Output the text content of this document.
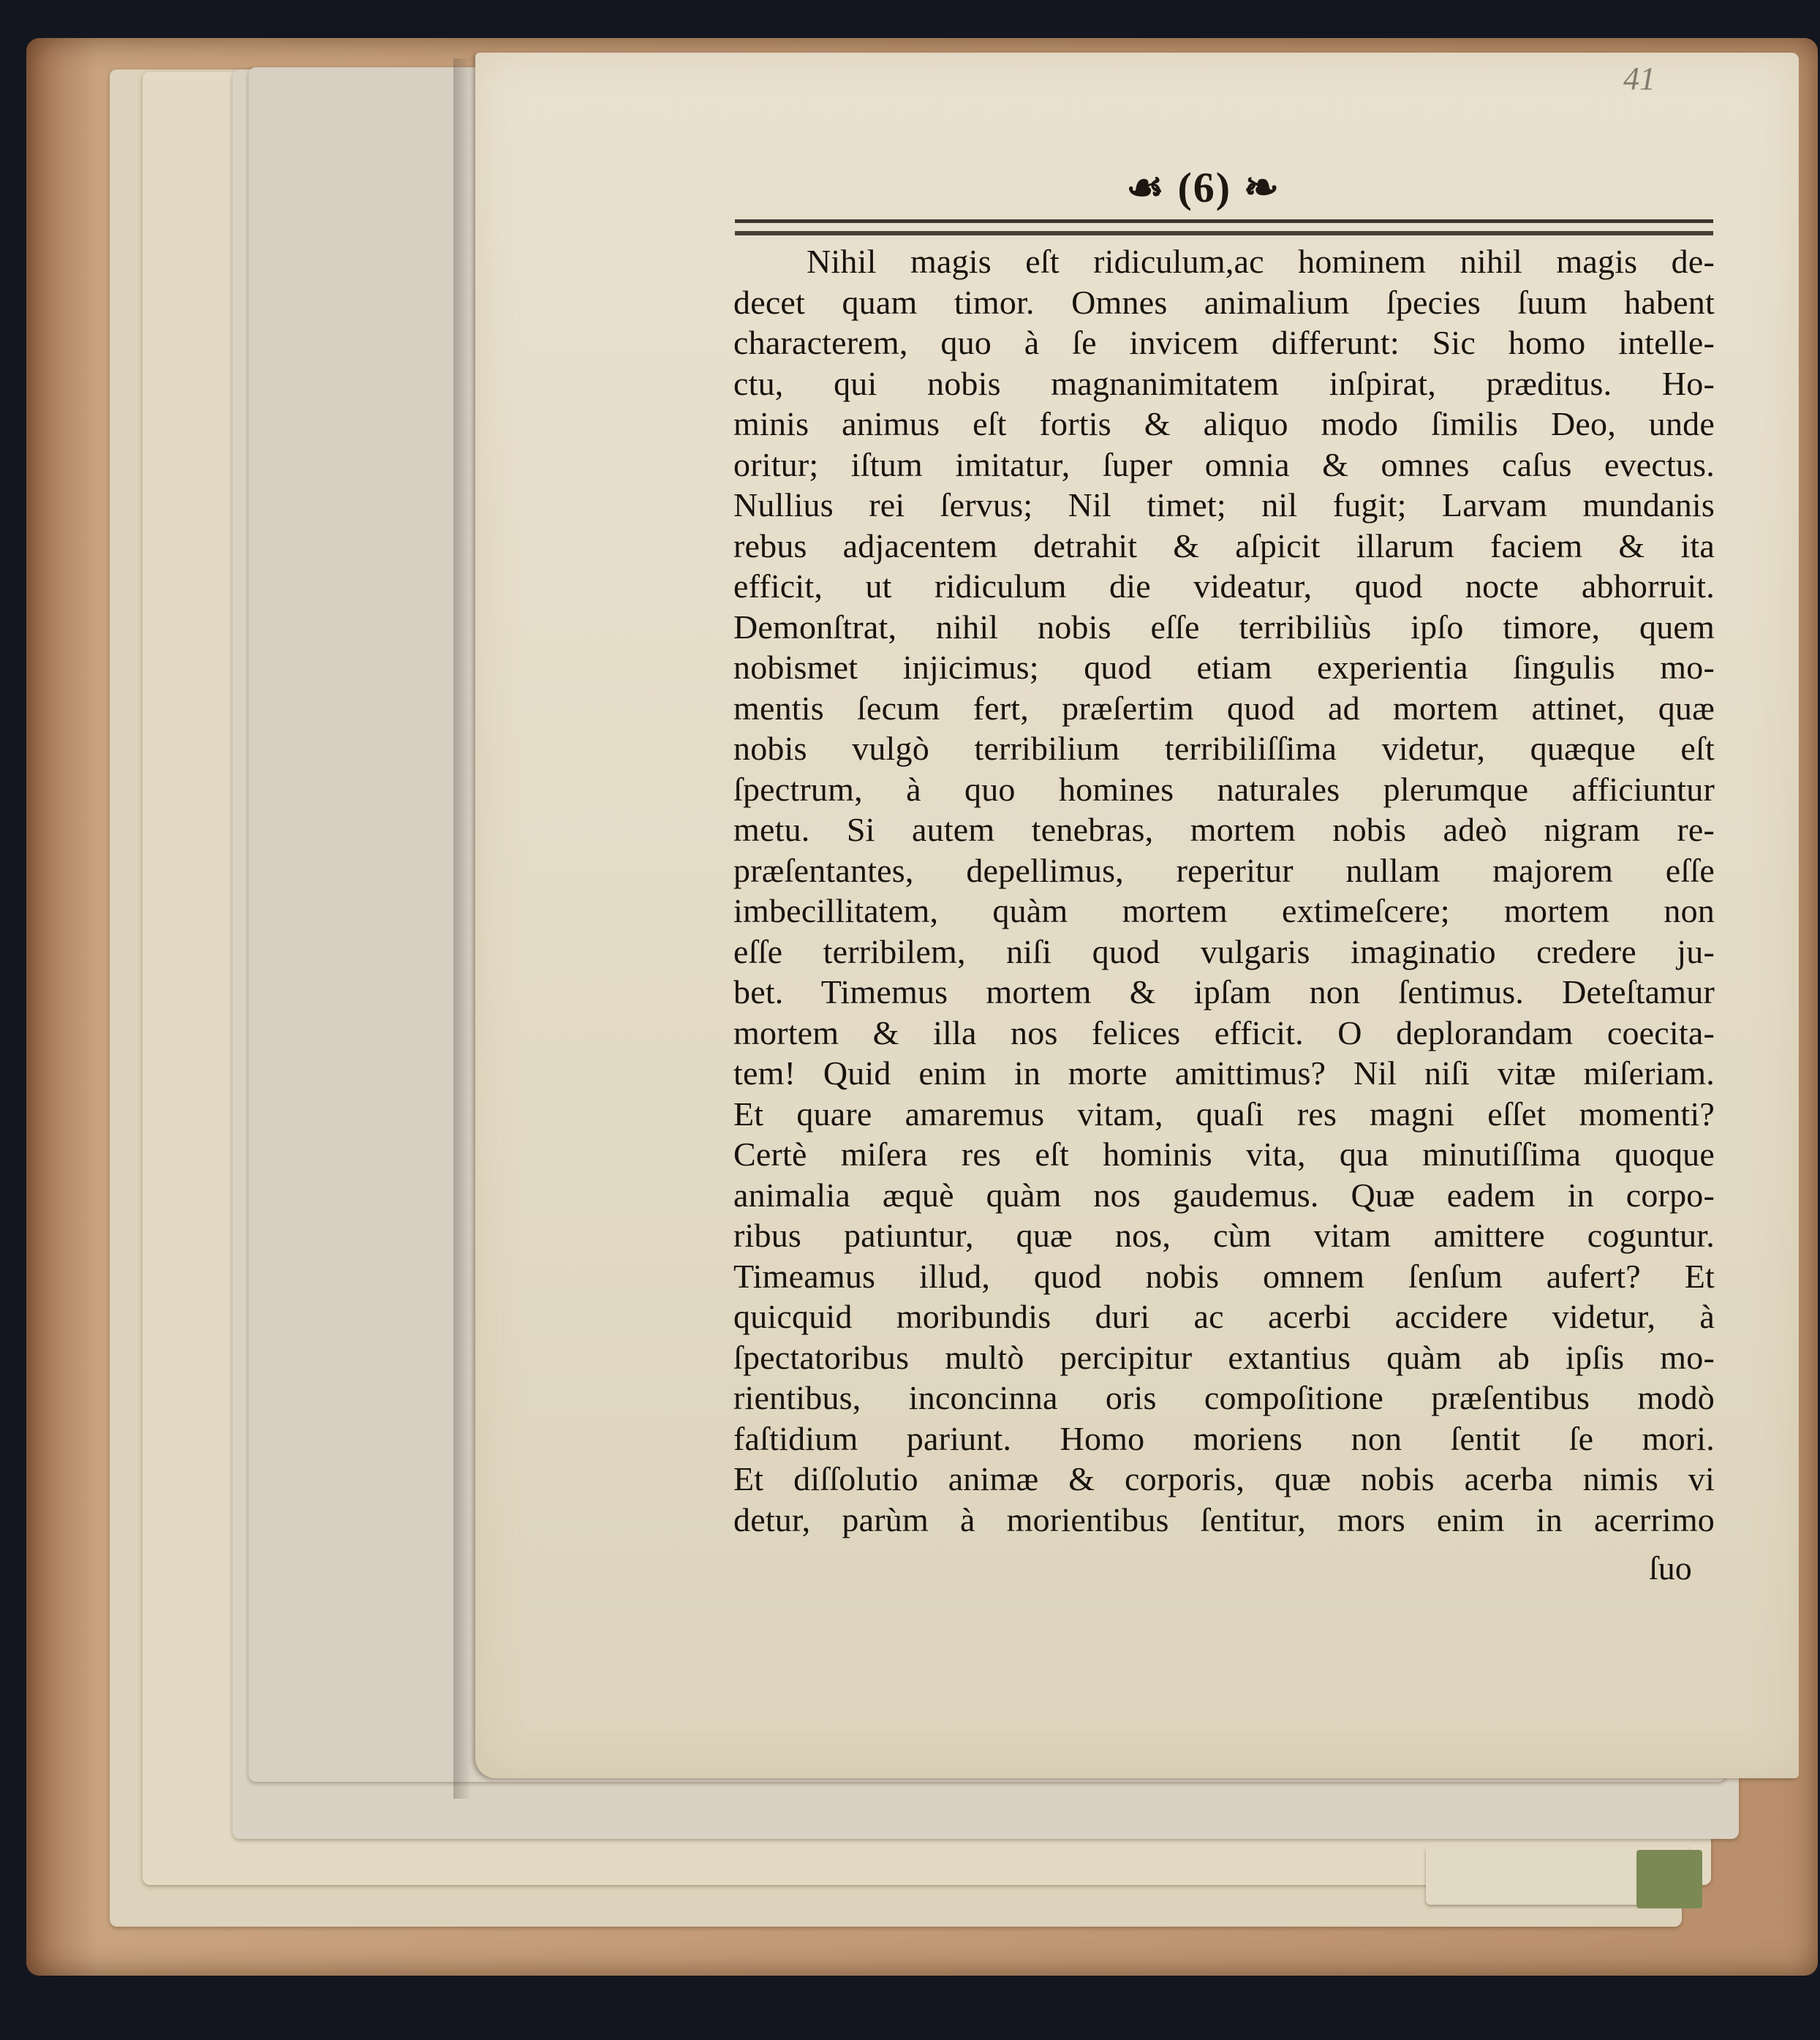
41
☙ (6) ❧
Nihil magis eſt ridiculum,ac hominem nihil magis de-
decet quam timor. Omnes animalium ſpecies ſuum habent
characterem, quo à ſe invicem differunt: Sic homo intelle-
ctu, qui nobis magnanimitatem inſpirat, præditus. Ho-
minis animus eſt fortis & aliquo modo ſimilis Deo, unde
oritur; iſtum imitatur, ſuper omnia & omnes caſus evectus.
Nullius rei ſervus; Nil timet; nil fugit; Larvam mundanis
rebus adjacentem detrahit & aſpicit illarum faciem & ita
efficit, ut ridiculum die videatur, quod nocte abhorruit.
Demonſtrat, nihil nobis eſſe terribiliùs ipſo timore, quem
nobismet injicimus; quod etiam experientia ſingulis mo-
mentis ſecum fert, præſertim quod ad mortem attinet, quæ
nobis vulgò terribilium terribiliſſima videtur, quæque eſt
ſpectrum, à quo homines naturales plerumque afficiuntur
metu. Si autem tenebras, mortem nobis adeò nigram re-
præſentantes, depellimus, reperitur nullam majorem eſſe
imbecillitatem, quàm mortem extimeſcere; mortem non
eſſe terribilem, niſi quod vulgaris imaginatio credere ju-
bet. Timemus mortem & ipſam non ſentimus. Deteſtamur
mortem & illa nos felices efficit. O deplorandam coecita-
tem! Quid enim in morte amittimus? Nil niſi vitæ miſeriam.
Et quare amaremus vitam, quaſi res magni eſſet momenti?
Certè miſera res eſt hominis vita, qua minutiſſima quoque
animalia æquè quàm nos gaudemus. Quæ eadem in corpo-
ribus patiuntur, quæ nos, cùm vitam amittere coguntur.
Timeamus illud, quod nobis omnem ſenſum aufert? Et
quicquid moribundis duri ac acerbi accidere videtur, à
ſpectatoribus multò percipitur extantius quàm ab ipſis mo-
rientibus, inconcinna oris compoſitione præſentibus modò
faſtidium pariunt. Homo moriens non ſentit ſe mori.
Et diſſolutio animæ & corporis, quæ nobis acerba nimis vi
detur, parùm à morientibus ſentitur, mors enim in acerrimo
ſuo
